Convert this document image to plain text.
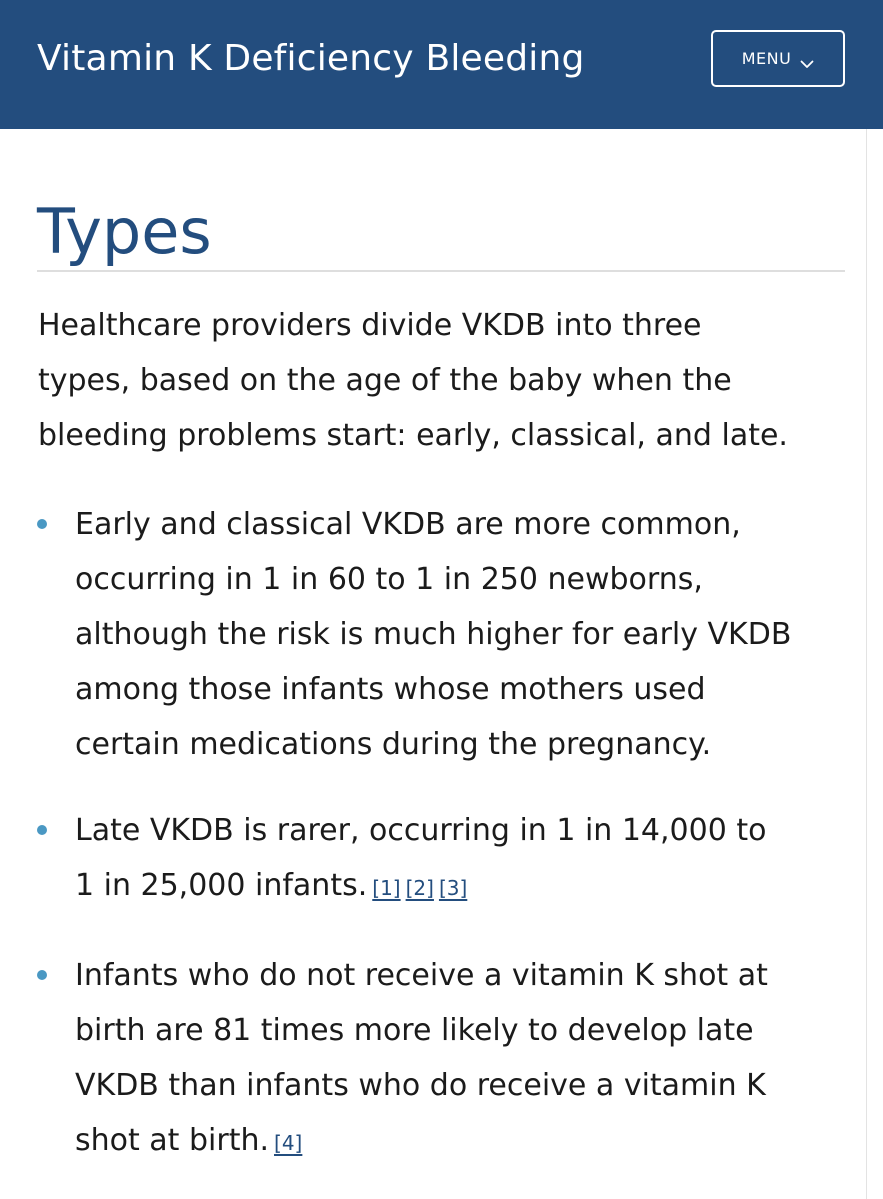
Vitamin K Deficiency Bleeding	MENU
Types

Healthcare providers divide VKDB into three
types, based on the age of the baby when the
bleeding problems start: early, classical, and late.

Early and classical VKDB are more common,
occurring in 1 in 60 to 1 in 250 newborns,
although the risk is much higher for early VKDB
among those infants whose mothers used
certain medications during the pregnancy.
Late VKDB is rarer, occurring in 1 in 14,000 to
1 in 25,000 infants. [1] [2] [3]
Infants who do not receive a vitamin K shot at
birth are 81 times more likely to develop late
VKDB than infants who do receive a vitamin K
shot at birth. [4]
